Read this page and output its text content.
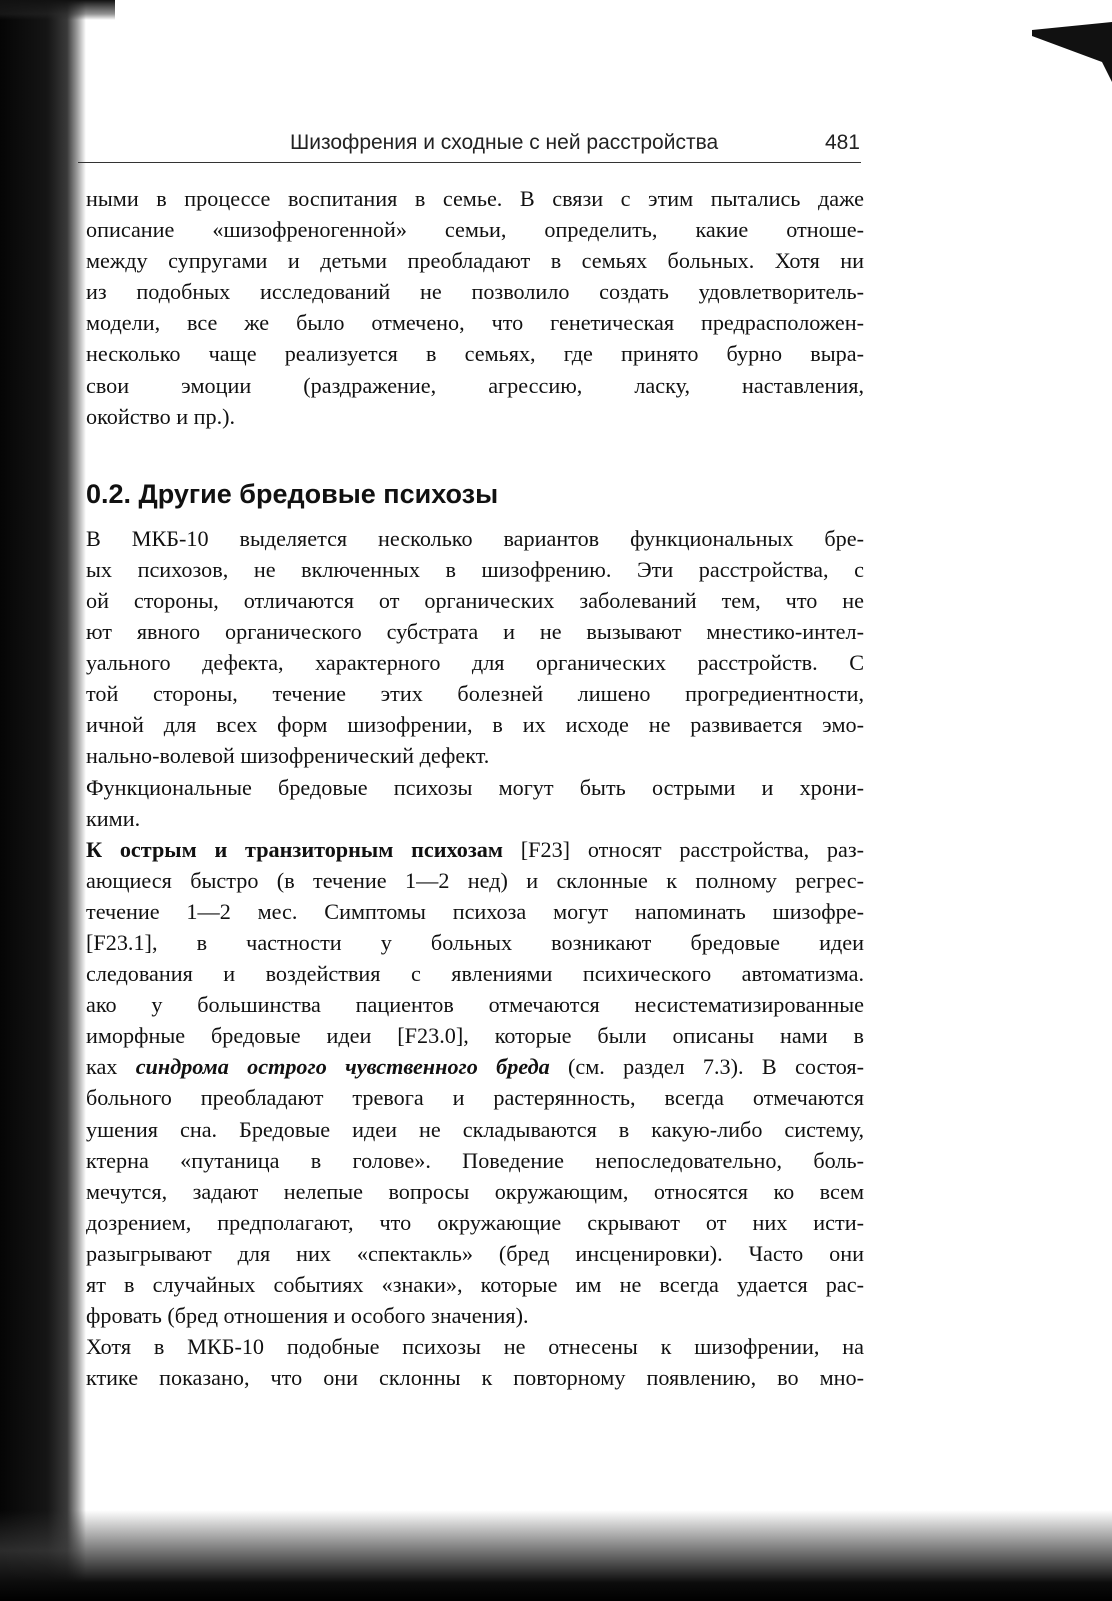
Шизофрения и сходные с ней расстройства	481
ными в процессе воспитания в семье. В связи с этим пытались даже
описание «шизофреногенной» семьи, определить, какие отноше-
между супругами и детьми преобладают в семьях больных. Хотя ни
из подобных исследований не позволило создать удовлетворитель-
модели, все же было отмечено, что генетическая предрасположен-
несколько чаще реализуется в семьях, где принято бурно выра-
свои эмоции (раздражение, агрессию, ласку, наставления,
окойство и пр.).
0.2. Другие бредовые психозы
В МКБ-10 выделяется несколько вариантов функциональных бре-
ых психозов, не включенных в шизофрению. Эти расстройства, с
ой стороны, отличаются от органических заболеваний тем, что не
ют явного органического субстрата и не вызывают мнестико-интел-
уального дефекта, характерного для органических расстройств. С
той стороны, течение этих болезней лишено прогредиентности,
ичной для всех форм шизофрении, в их исходе не развивается эмо-
нально-волевой шизофренический дефект.
Функциональные бредовые психозы могут быть острыми и хрони-
кими.
К острым и транзиторным психозам [F23] относят расстройства, раз-
ающиеся быстро (в течение 1—2 нед) и склонные к полному регрес-
течение 1—2 мес. Симптомы психоза могут напоминать шизофре-
[F23.1], в частности у больных возникают бредовые идеи
следования и воздействия с явлениями психического автоматизма.
ако у большинства пациентов отмечаются несистематизированные
иморфные бредовые идеи [F23.0], которые были описаны нами в
ках синдрома острого чувственного бреда (см. раздел 7.3). В состоя-
больного преобладают тревога и растерянность, всегда отмечаются
ушения сна. Бредовые идеи не складываются в какую-либо систему,
ктерна «путаница в голове». Поведение непоследовательно, боль-
мечутся, задают нелепые вопросы окружающим, относятся ко всем
дозрением, предполагают, что окружающие скрывают от них исти-
разыгрывают для них «спектакль» (бред инсценировки). Часто они
ят в случайных событиях «знаки», которые им не всегда удается рас-
фровать (бред отношения и особого значения).
Хотя в МКБ-10 подобные психозы не отнесены к шизофрении, на
ктике показано, что они склонны к повторному появлению, во мно-
